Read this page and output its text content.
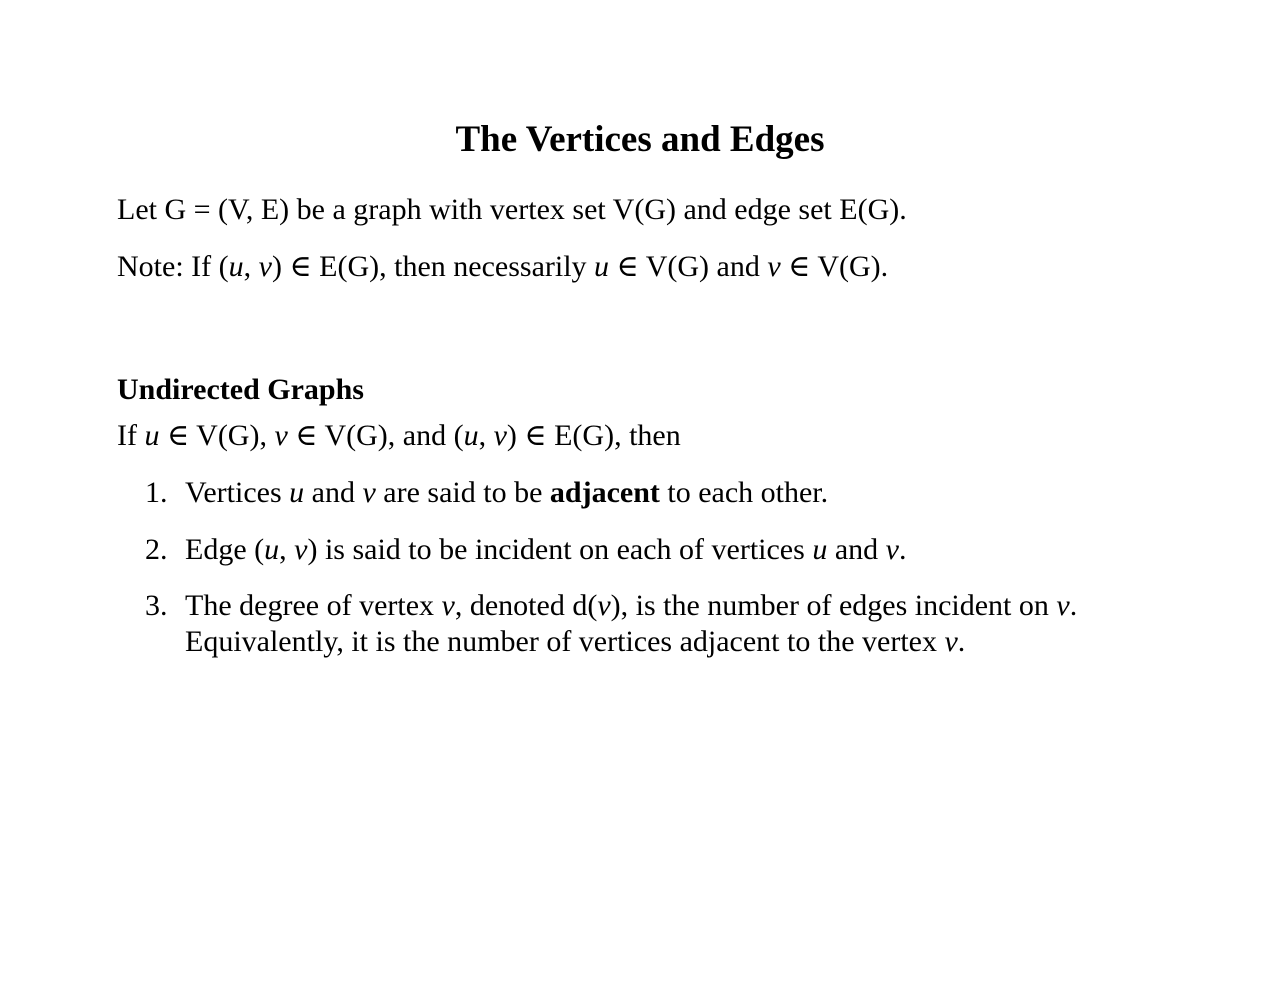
The Vertices and Edges
Let G = (V, E) be a graph with vertex set V(G) and edge set E(G).
Note: If (u, v) ∈ E(G), then necessarily u ∈ V(G) and v ∈ V(G).
Undirected Graphs
If u ∈ V(G), v ∈ V(G), and (u, v) ∈ E(G), then
1. Vertices u and v are said to be adjacent to each other.
2. Edge (u, v) is said to be incident on each of vertices u and v.
3. The degree of vertex v, denoted d(v), is the number of edges incident on v.
Equivalently, it is the number of vertices adjacent to the vertex v.
